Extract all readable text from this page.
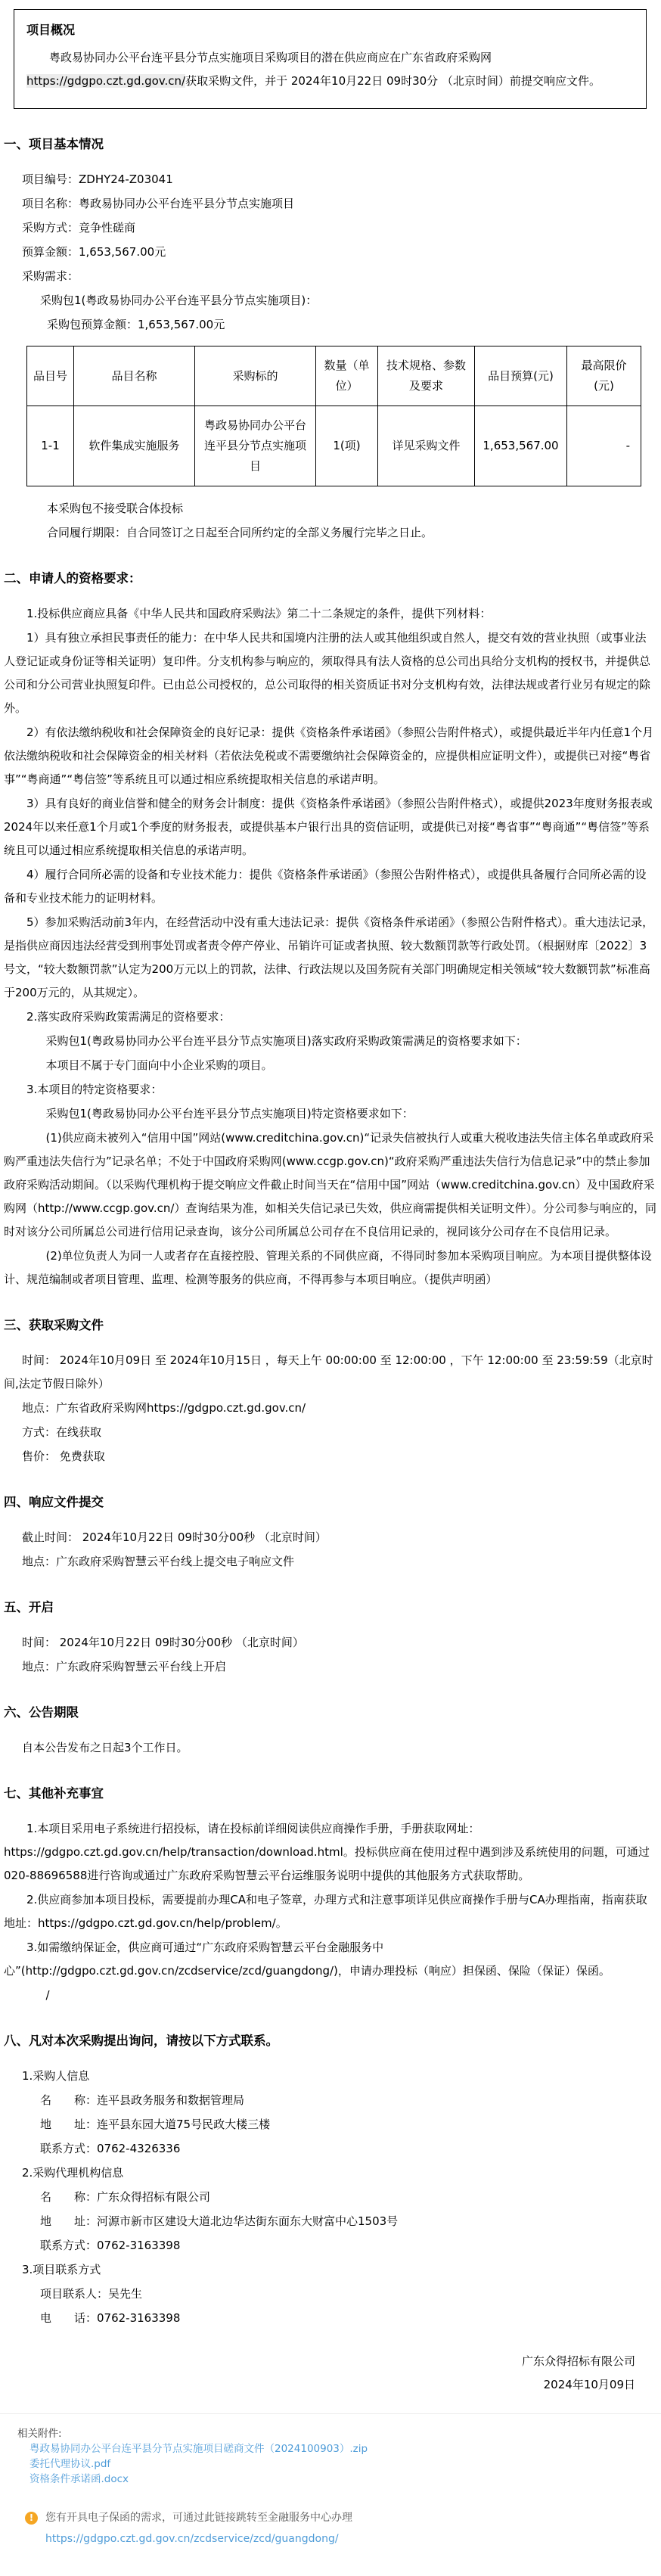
项目概况

粤政易协同办公平台连平县分节点实施项目采购项目的潜在供应商应在广东省政府采购网https://gdgpo.czt.gd.gov.cn/获取采购文件，并于 2024年10月22日 09时30分 （北京时间）前提交响应文件。

一、项目基本情况

项目编号：ZDHY24-Z03041

项目名称：粤政易协同办公平台连平县分节点实施项目

采购方式：竞争性磋商

预算金额：1,653,567.00元

采购需求：

采购包1(粤政易协同办公平台连平县分节点实施项目)：

采购包预算金额：1,653,567.00元

品目号	品目名称	采购标的	数量（单位）	技术规格、参数及要求	品目预算(元)	最高限价(元)
1-1	软件集成实施服务	粤政易协同办公平台连平县分节点实施项目	1(项)	详见采购文件	1,653,567.00	-

本采购包不接受联合体投标

合同履行期限：自合同签订之日起至合同所约定的全部义务履行完毕之日止。

二、申请人的资格要求：

1.投标供应商应具备《中华人民共和国政府采购法》第二十二条规定的条件，提供下列材料：

1）具有独立承担民事责任的能力：在中华人民共和国境内注册的法人或其他组织或自然人，提交有效的营业执照（或事业法人登记证或身份证等相关证明）复印件。分支机构参与响应的，须取得具有法人资格的总公司出具给分支机构的授权书，并提供总公司和分公司营业执照复印件。已由总公司授权的，总公司取得的相关资质证书对分支机构有效，法律法规或者行业另有规定的除外。

2）有依法缴纳税收和社会保障资金的良好记录：提供《资格条件承诺函》（参照公告附件格式），或提供最近半年内任意1个月依法缴纳税收和社会保障资金的相关材料（若依法免税或不需要缴纳社会保障资金的，应提供相应证明文件），或提供已对接“粤省事”“粤商通”“粤信签”等系统且可以通过相应系统提取相关信息的承诺声明。

3）具有良好的商业信誉和健全的财务会计制度：提供《资格条件承诺函》（参照公告附件格式），或提供2023年度财务报表或2024年以来任意1个月或1个季度的财务报表，或提供基本户银行出具的资信证明，或提供已对接“粤省事”“粤商通”“粤信签”等系统且可以通过相应系统提取相关信息的承诺声明。

4）履行合同所必需的设备和专业技术能力：提供《资格条件承诺函》（参照公告附件格式），或提供具备履行合同所必需的设备和专业技术能力的证明材料。

5）参加采购活动前3年内，在经营活动中没有重大违法记录：提供《资格条件承诺函》（参照公告附件格式）。重大违法记录，是指供应商因违法经营受到刑事处罚或者责令停产停业、吊销许可证或者执照、较大数额罚款等行政处罚。（根据财库〔2022〕3号文，“较大数额罚款”认定为200万元以上的罚款，法律、行政法规以及国务院有关部门明确规定相关领域“较大数额罚款”标准高于200万元的，从其规定）。

2.落实政府采购政策需满足的资格要求：

采购包1(粤政易协同办公平台连平县分节点实施项目)落实政府采购政策需满足的资格要求如下：

本项目不属于专门面向中小企业采购的项目。

3.本项目的特定资格要求：

采购包1(粤政易协同办公平台连平县分节点实施项目)特定资格要求如下：

(1)供应商未被列入“信用中国”网站(www.creditchina.gov.cn)“记录失信被执行人或重大税收违法失信主体名单或政府采购严重违法失信行为”记录名单；不处于中国政府采购网(www.ccgp.gov.cn)“政府采购严重违法失信行为信息记录”中的禁止参加政府采购活动期间。（以采购代理机构于提交响应文件截止时间当天在“信用中国”网站（www.creditchina.gov.cn）及中国政府采购网（http://www.ccgp.gov.cn/）查询结果为准，如相关失信记录已失效，供应商需提供相关证明文件）。分公司参与响应的，同时对该分公司所属总公司进行信用记录查询，该分公司所属总公司存在不良信用记录的，视同该分公司存在不良信用记录。

(2)单位负责人为同一人或者存在直接控股、管理关系的不同供应商，不得同时参加本采购项目响应。为本项目提供整体设计、规范编制或者项目管理、监理、检测等服务的供应商，不得再参与本项目响应。（提供声明函）

三、获取采购文件

时间： 2024年10月09日 至 2024年10月15日 ，每天上午 00:00:00 至 12:00:00 ，下午 12:00:00 至 23:59:59（北京时间,法定节假日除外）

地点：广东省政府采购网https://gdgpo.czt.gd.gov.cn/

方式：在线获取

售价： 免费获取

四、响应文件提交

截止时间： 2024年10月22日 09时30分00秒 （北京时间）

地点：广东政府采购智慧云平台线上提交电子响应文件

五、开启

时间： 2024年10月22日 09时30分00秒 （北京时间）

地点：广东政府采购智慧云平台线上开启

六、公告期限

自本公告发布之日起3个工作日。

七、其他补充事宜

1.本项目采用电子系统进行招投标，请在投标前详细阅读供应商操作手册，手册获取网址：https://gdgpo.czt.gd.gov.cn/help/transaction/download.html。投标供应商在使用过程中遇到涉及系统使用的问题，可通过020-88696588进行咨询或通过广东政府采购智慧云平台运维服务说明中提供的其他服务方式获取帮助。

2.供应商参加本项目投标，需要提前办理CA和电子签章，办理方式和注意事项详见供应商操作手册与CA办理指南，指南获取地址：https://gdgpo.czt.gd.gov.cn/help/problem/。

3.如需缴纳保证金，供应商可通过“广东政府采购智慧云平台金融服务中心”(http://gdgpo.czt.gd.gov.cn/zcdservice/zcd/guangdong/)，申请办理投标（响应）担保函、保险（保证）保函。

/

八、凡对本次采购提出询问，请按以下方式联系。

1.采购人信息

名　　称：连平县政务服务和数据管理局

地　　址：连平县东园大道75号民政大楼三楼

联系方式：0762-4326336

2.采购代理机构信息

名　　称：广东众得招标有限公司

地　　址：河源市新市区建设大道北边华达街东面东大财富中心1503号

联系方式：0762-3163398

3.项目联系方式

项目联系人：吴先生

电　　话：0762-3163398

广东众得招标有限公司
2024年10月09日
相关附件:
粤政易协同办公平台连平县分节点实施项目磋商文件（2024100903）.zip
委托代理协议.pdf
资格条件承诺函.docx
!	您有开具电子保函的需求，可通过此链接跳转至金融服务中心办理
https://gdgpo.czt.gd.gov.cn/zcdservice/zcd/guangdong/
